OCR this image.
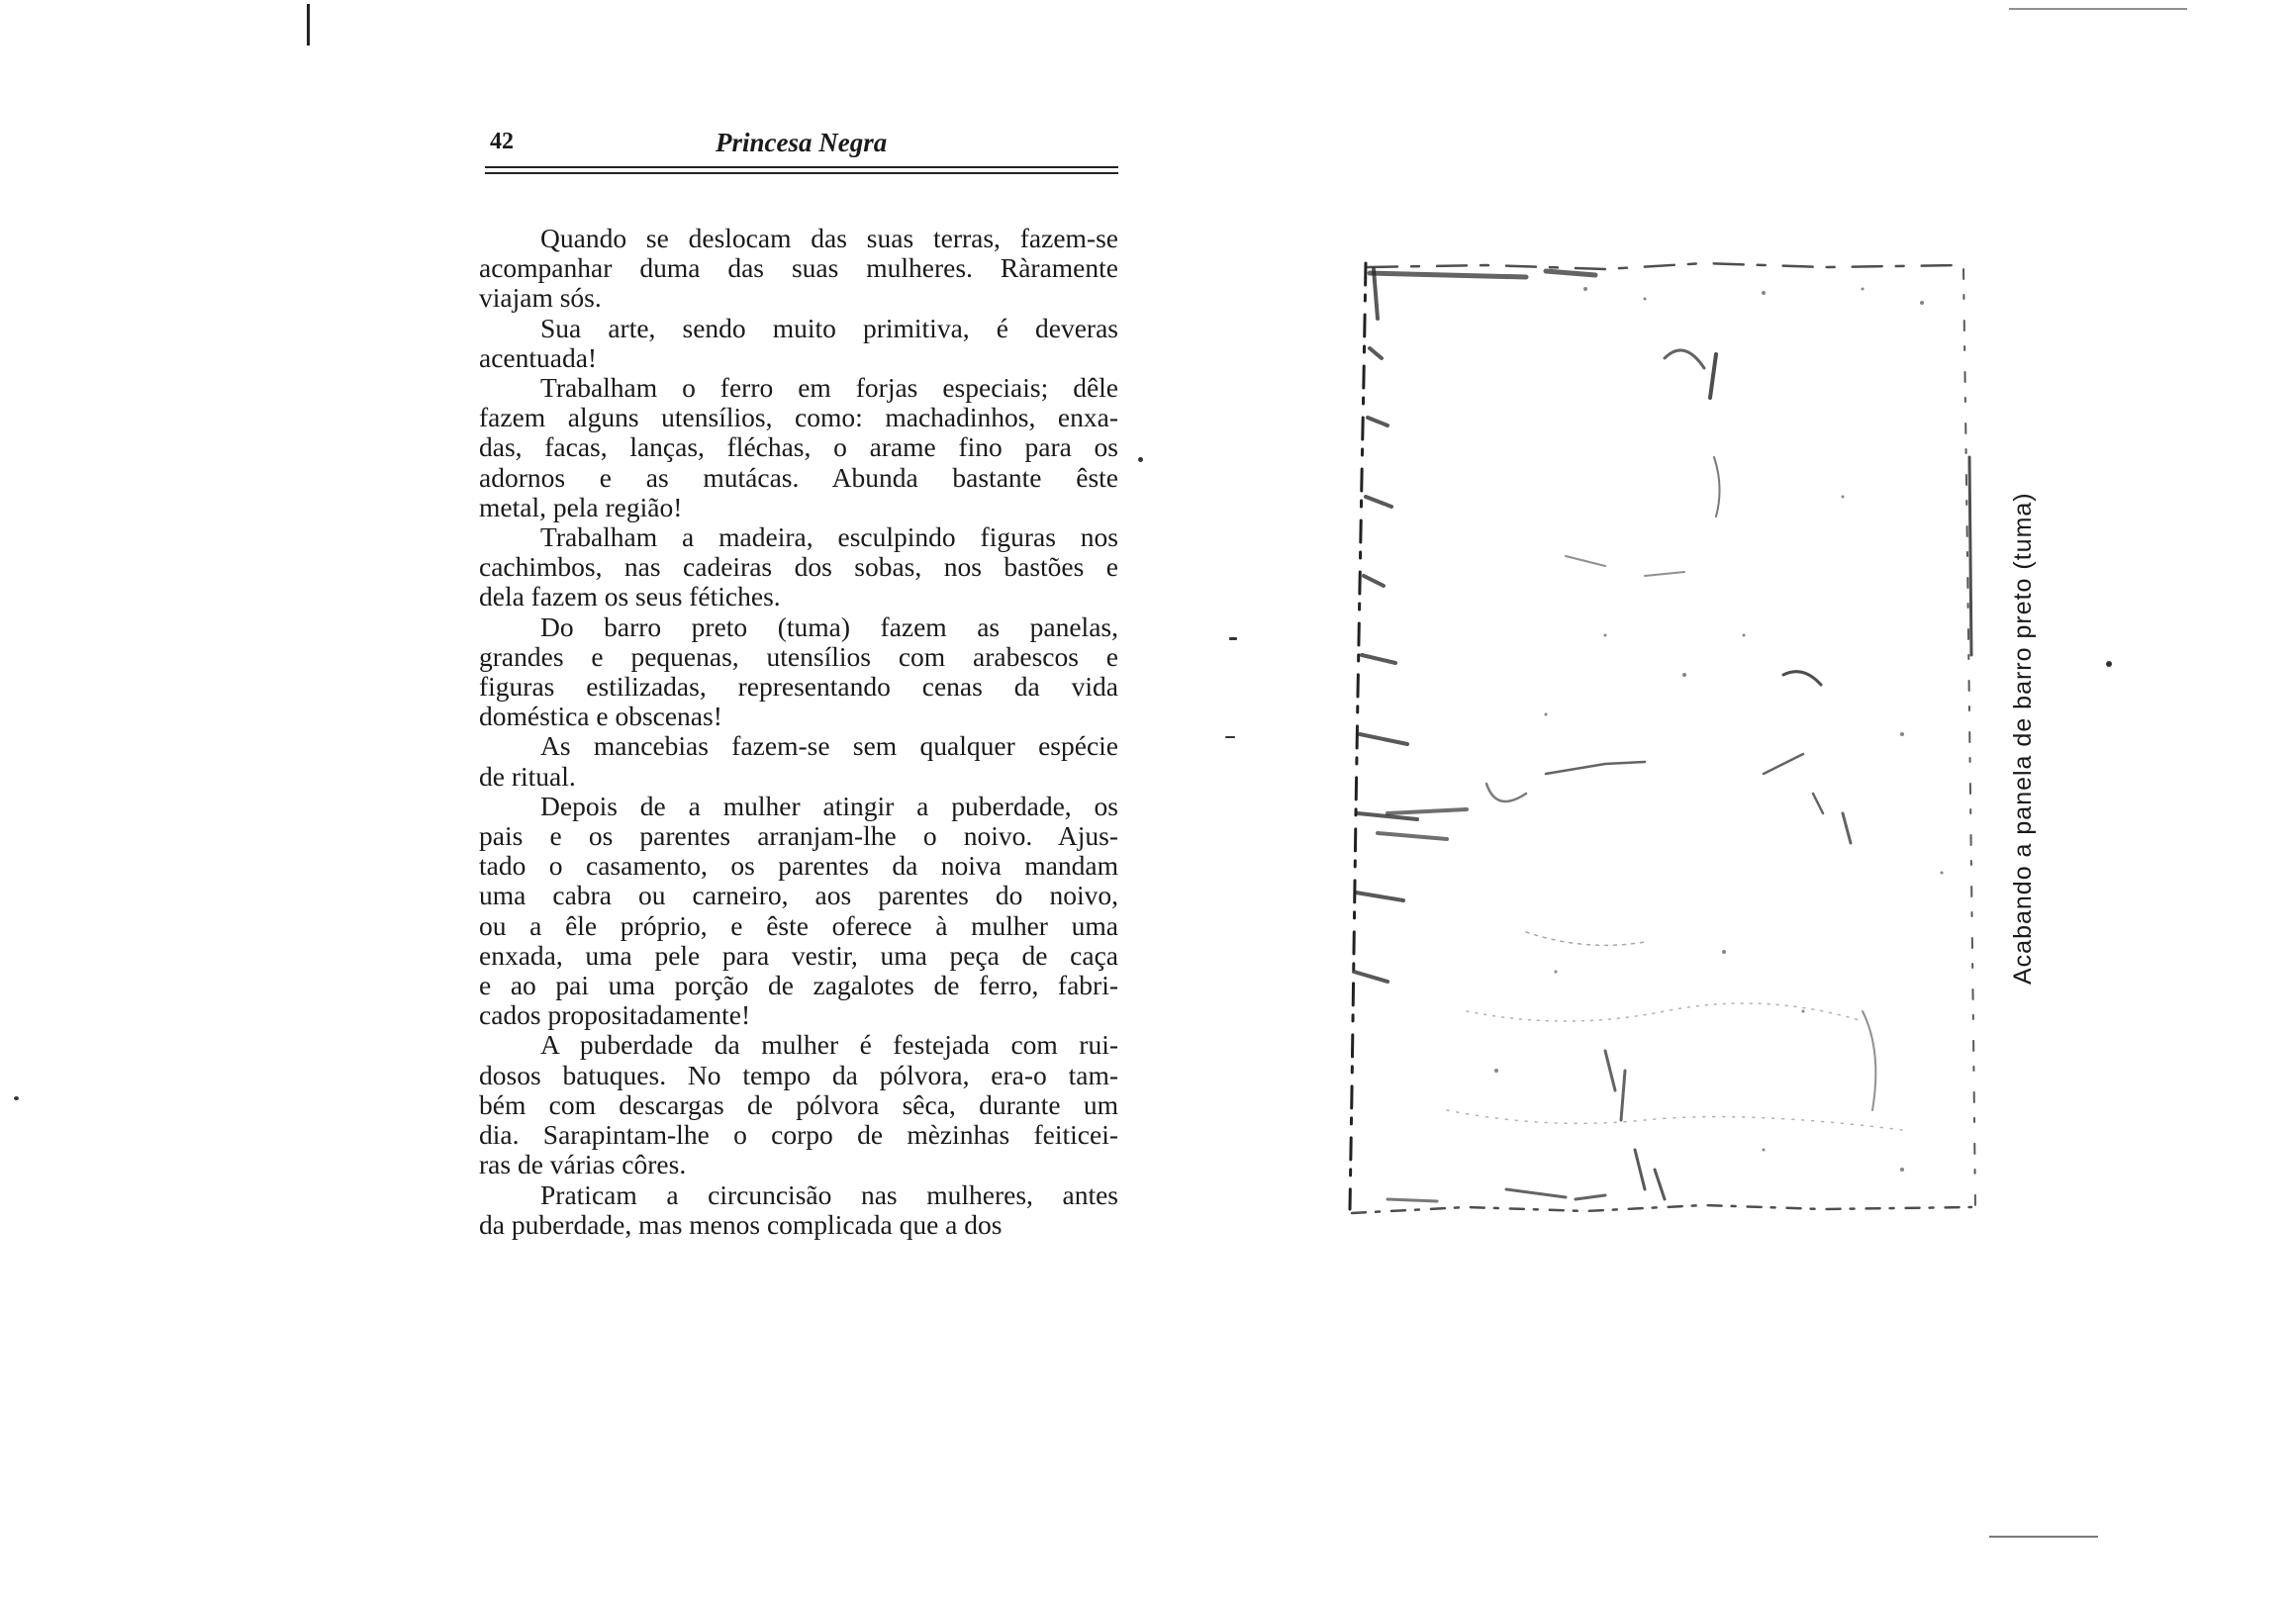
42	Princesa Negra

Quando se deslocam das suas terras, fazem-se
acompanhar duma das suas mulheres. Ràramente
viajam sós.

Sua arte, sendo muito primitiva, é deveras
acentuada!

Trabalham o ferro em forjas especiais; dêle
fazem alguns utensílios, como: machadinhos, enxa-
das, facas, lanças, fléchas, o arame fino para os
adornos e as mutácas. Abunda bastante êste
metal, pela região!

Trabalham a madeira, esculpindo figuras nos
cachimbos, nas cadeiras dos sobas, nos bastões e
dela fazem os seus fétiches.

Do barro preto (tuma) fazem as panelas,
grandes e pequenas, utensílios com arabescos e
figuras estilizadas, representando cenas da vida
doméstica e obscenas!

As mancebias fazem-se sem qualquer espécie
de ritual.

Depois de a mulher atingir a puberdade, os
pais e os parentes arranjam-lhe o noivo. Ajus-
tado o casamento, os parentes da noiva mandam
uma cabra ou carneiro, aos parentes do noivo,
ou a êle próprio, e êste oferece à mulher uma
enxada, uma pele para vestir, uma peça de caça
e ao pai uma porção de zagalotes de ferro, fabri-
cados propositadamente!

A puberdade da mulher é festejada com rui-
dosos batuques. No tempo da pólvora, era-o tam-
bém com descargas de pólvora sêca, durante um
dia. Sarapintam-lhe o corpo de mèzinhas feiticei-
ras de várias côres.

Praticam a circuncisão nas mulheres, antes
da puberdade, mas menos complicada que a dos

Acabando a panela de barro preto (tuma)
